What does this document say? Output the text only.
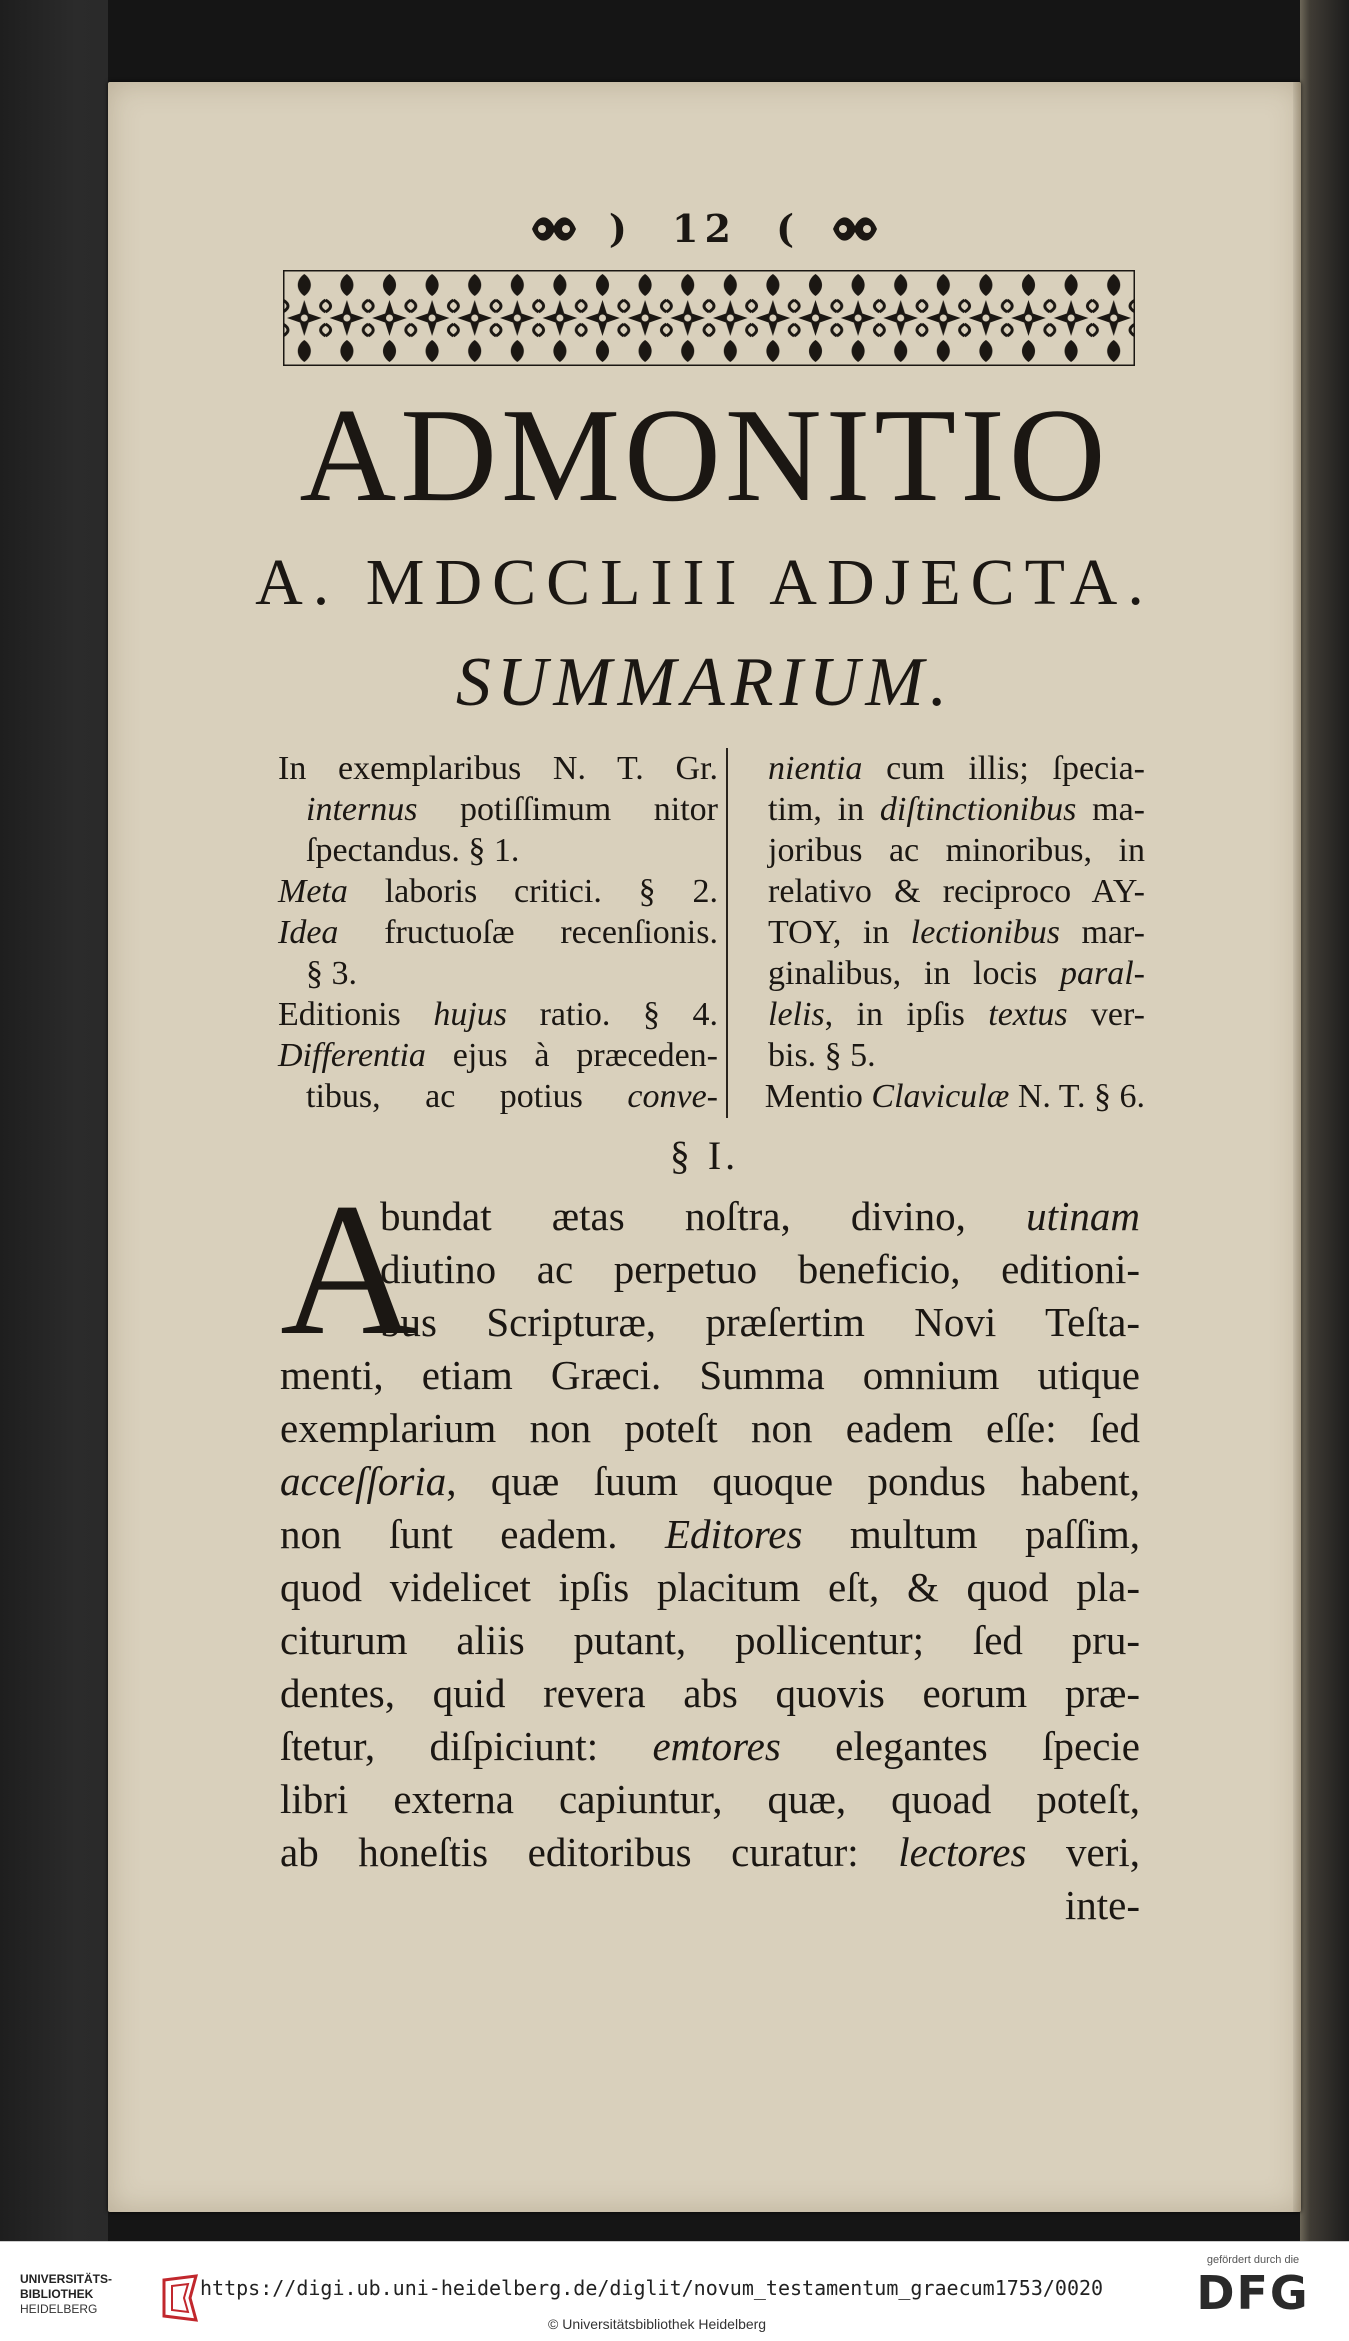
) 12 (
ADMONITIO
A. MDCCLIII ADJECTA.
SUMMARIUM.
In exemplaribus N. T. Gr.
internus potiſſimum nitor
ſpectandus. § 1.
Meta laboris critici. § 2.
Idea fructuoſæ recenſionis.
§ 3.
Editionis hujus ratio. § 4.
Differentia ejus à præceden-
tibus, ac potius conve-
nientia cum illis; ſpecia-
tim, in diſtinctionibus ma-
joribus ac minoribus, in
relativo & reciproco AY-
TOY, in lectionibus mar-
ginalibus, in locis paral-
lelis, in ipſis textus ver-
bis. § 5.
Mentio Claviculæ N. T. § 6.
§ I.
A
bundat ætas noſtra, divino, utinam
diutino ac perpetuo beneficio, editioni-
bus Scripturæ, præſertim Novi Teſta-
menti, etiam Græci. Summa omnium utique
exemplarium non poteſt non eadem eſſe: ſed
acceſſoria, quæ ſuum quoque pondus habent,
non ſunt eadem. Editores multum paſſim,
quod videlicet ipſis placitum eſt, & quod pla-
citurum aliis putant, pollicentur; ſed pru-
dentes, quid revera abs quovis eorum præ-
ſtetur, diſpiciunt: emtores elegantes ſpecie
libri externa capiuntur, quæ, quoad poteſt,
ab honeſtis editoribus curatur: lectores veri,
inte-
UNIVERSITÄTS-
BIBLIOTHEK
HEIDELBERG
https://digi.ub.uni-heidelberg.de/diglit/novum_testamentum_graecum1753/0020
© Universitätsbibliothek Heidelberg
gefördert durch die
DFG
